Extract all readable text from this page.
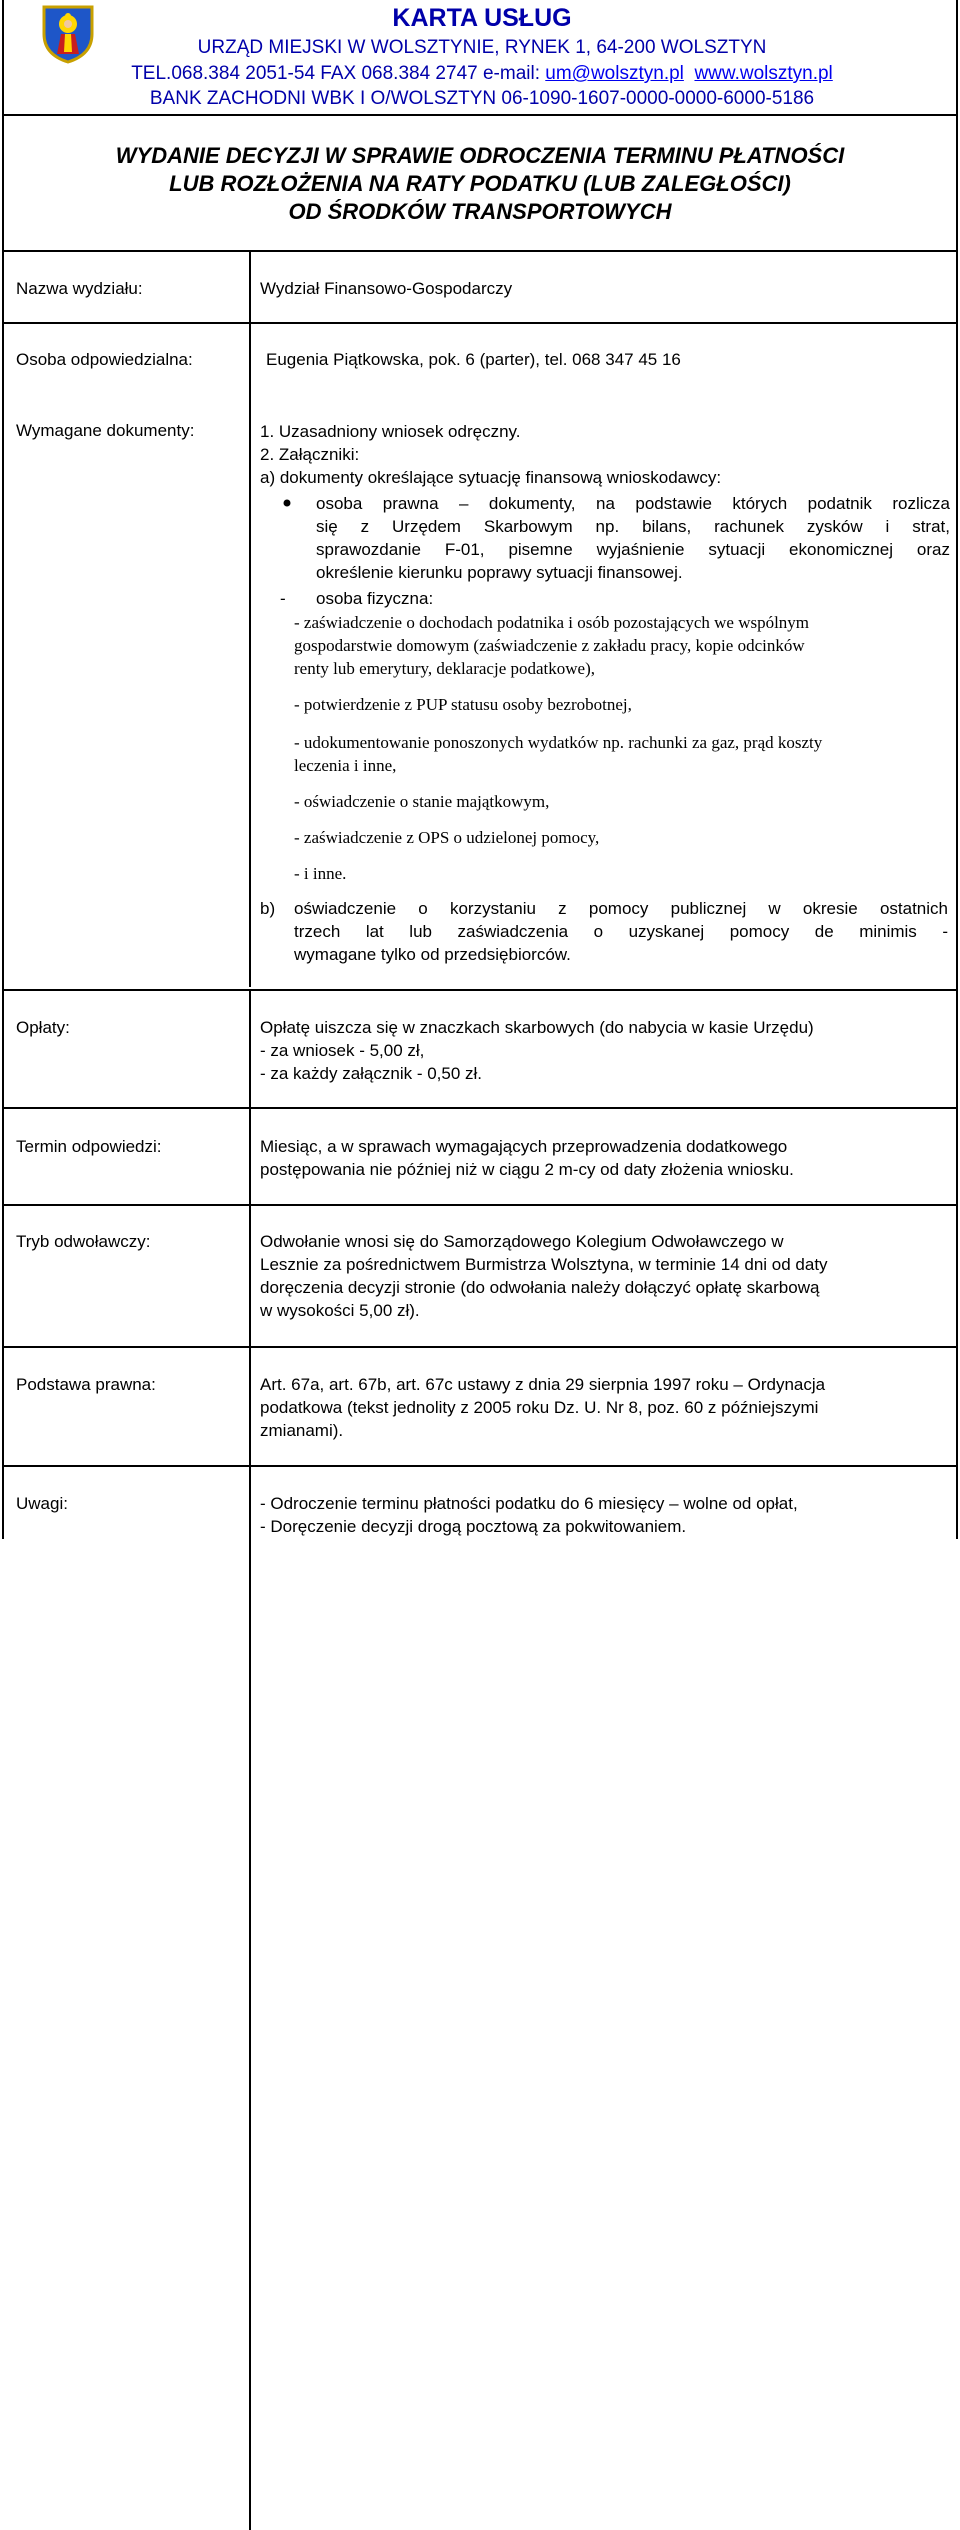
KARTA USŁUG
URZĄD MIEJSKI W WOLSZTYNIE, RYNEK 1, 64-200 WOLSZTYN
TEL.068.384 2051-54 FAX 068.384 2747 e-mail: um@wolsztyn.pl www.wolsztyn.pl
BANK ZACHODNI WBK I O/WOLSZTYN 06-1090-1607-0000-0000-6000-5186
WYDANIE DECYZJI W SPRAWIE ODROCZENIA TERMINU PŁATNOŚCI
LUB ROZŁOŻENIA NA RATY PODATKU (LUB ZALEGŁOŚCI)
OD ŚRODKÓW TRANSPORTOWYCH
Nazwa wydziału:	Wydział Finansowo-Gospodarczy
Osoba odpowiedzialna:	Eugenia Piątkowska, pok. 6 (parter), tel. 068 347 45 16
Wymagane dokumenty:	1. Uzasadniony wniosek odręczny.
2. Załączniki:
a) dokumenty określające sytuację finansową wnioskodawcy:
osoba prawna – dokumenty, na podstawie których podatnik rozlicza
się z Urzędem Skarbowym np. bilans, rachunek zysków i strat,
sprawozdanie F-01, pisemne wyjaśnienie sytuacji ekonomicznej oraz
określenie kierunku poprawy sytuacji finansowej.
-	osoba fizyczna:
- zaświadczenie o dochodach podatnika i osób pozostających we wspólnym
gospodarstwie domowym (zaświadczenie z zakładu pracy, kopie odcinków
renty lub emerytury, deklaracje podatkowe),
- potwierdzenie z PUP statusu osoby bezrobotnej,
- udokumentowanie ponoszonych wydatków np. rachunki za gaz, prąd koszty
leczenia i inne,
- oświadczenie o stanie majątkowym,
- zaświadczenie z OPS o udzielonej pomocy,
- i inne.
b)	oświadczenie o korzystaniu z pomocy publicznej w okresie ostatnich
trzech lat lub zaświadczenia o uzyskanej pomocy de minimis -
wymagane tylko od przedsiębiorców.
Opłaty:	Opłatę uiszcza się w znaczkach skarbowych (do nabycia w kasie Urzędu)
- za wniosek - 5,00 zł,
- za każdy załącznik - 0,50 zł.
Termin odpowiedzi:	Miesiąc, a w sprawach wymagających przeprowadzenia dodatkowego
postępowania nie później niż w ciągu 2 m-cy od daty złożenia wniosku.
Tryb odwoławczy:	Odwołanie wnosi się do Samorządowego Kolegium Odwoławczego w
Lesznie za pośrednictwem Burmistrza Wolsztyna, w terminie 14 dni od daty
doręczenia decyzji stronie (do odwołania należy dołączyć opłatę skarbową
w wysokości 5,00 zł).
Podstawa prawna:	Art. 67a, art. 67b, art. 67c ustawy z dnia 29 sierpnia 1997 roku – Ordynacja
podatkowa (tekst jednolity z 2005 roku Dz. U. Nr 8, poz. 60 z późniejszymi
zmianami).
Uwagi:	- Odroczenie terminu płatności podatku do 6 miesięcy – wolne od opłat,
- Doręczenie decyzji drogą pocztową za pokwitowaniem.
